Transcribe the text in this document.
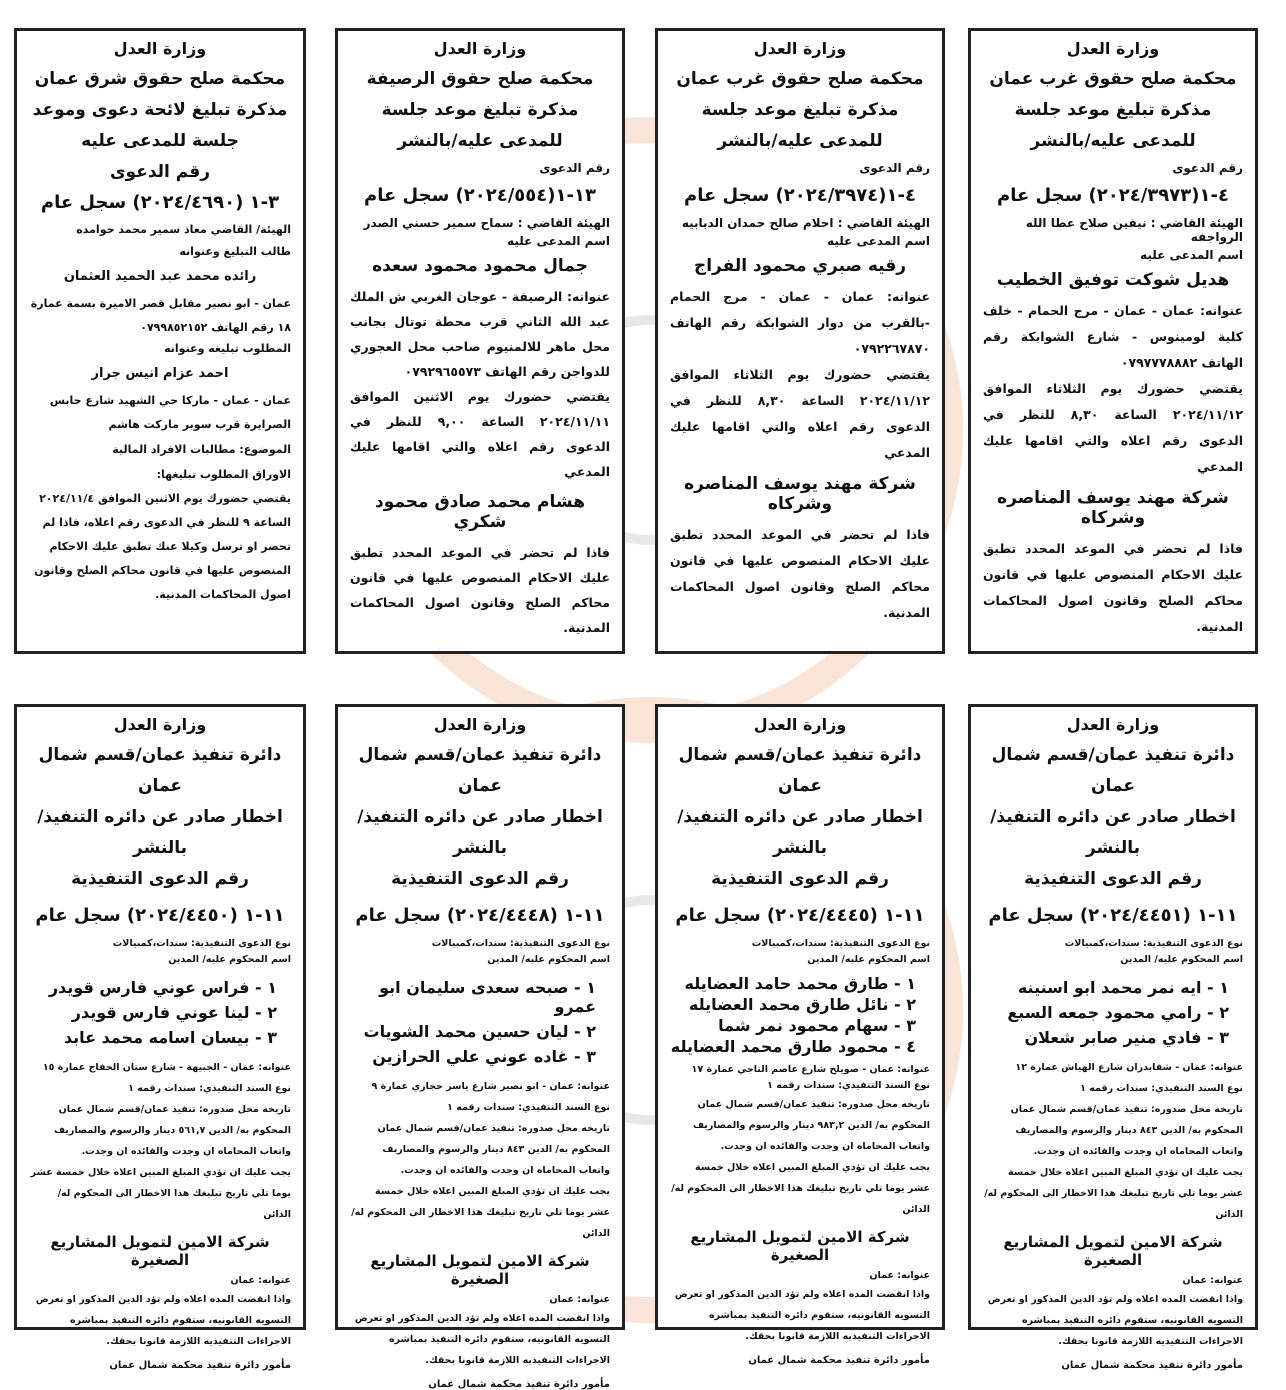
وزارة العدل

محكمة صلح حقوق غرب عمان

مذكرة تبليغ موعد جلسة للمدعى عليه/بالنشر

رقم الدعوى

٤-١(٢٠٢٤/٣٩٧٣) سجل عام

الهيئة القاضي : نيفين صلاح عطا الله الرواجفه

اسم المدعى عليه

هديل شوكت توفيق الخطيب

عنوانه: عمان - عمان - مرج الحمام - خلف كلية لومينوس - شارع الشوابكة رقم الهاتف ٠٧٩٧٧٧٨٨٨٢

يقتضي حضورك يوم الثلاثاء الموافق ٢٠٢٤/١١/١٢ الساعة ٨,٣٠ للنظر في الدعوى رقم اعلاه والتي اقامها عليك المدعي

شركة مهند يوسف المناصره وشركاه

فاذا لم تحضر في الموعد المحدد تطبق عليك الاحكام المنصوص عليها في قانون محاكم الصلح وقانون اصول المحاكمات المدنية.

وزارة العدل

محكمة صلح حقوق غرب عمان

مذكرة تبليغ موعد جلسة للمدعى عليه/بالنشر

رقم الدعوى

٤-١(٢٠٢٤/٣٩٧٤) سجل عام

الهيئة القاضي : احلام صالح حمدان الدبابيه

اسم المدعى عليه

رقيه صبري محمود الفراج

عنوانه: عمان - عمان - مرج الحمام -بالقرب من دوار الشوابكة رقم الهاتف ٠٧٩٢٢٦٧٨٧٠

يقتضي حضورك يوم الثلاثاء الموافق ٢٠٢٤/١١/١٢ الساعة ٨,٣٠ للنظر في الدعوى رقم اعلاه والتي اقامها عليك المدعي

شركة مهند يوسف المناصره وشركاه

فاذا لم تحضر في الموعد المحدد تطبق عليك الاحكام المنصوص عليها في قانون محاكم الصلح وقانون اصول المحاكمات المدنية.

وزارة العدل

محكمة صلح حقوق الرصيفة

مذكرة تبليغ موعد جلسة للمدعى عليه/بالنشر

رقم الدعوى

١٣-١(٢٠٢٤/٥٥٤) سجل عام

الهيئة القاضي : سماح سمير حسني الصدر

اسم المدعى عليه

جمال محمود محمود سعده

عنوانه: الرصيفة - عوجان الغربي ش الملك عبد الله الثاني قرب محطة توتال بجانب محل ماهر للالمنيوم صاحب محل العجوري للدواجن رقم الهاتف ٠٧٩٢٩٦٥٥٧٣

يقتضي حضورك يوم الاثنين الموافق ٢٠٢٤/١١/١١ الساعة ٩,٠٠ للنظر في الدعوى رقم اعلاه والتي اقامها عليك المدعي

هشام محمد صادق محمود شكري

فاذا لم تحضر في الموعد المحدد تطبق عليك الاحكام المنصوص عليها في قانون محاكم الصلح وقانون اصول المحاكمات المدنية.

وزارة العدل

محكمة صلح حقوق شرق عمان

مذكرة تبليغ لائحة دعوى وموعد جلسة للمدعى عليه

رقم الدعوى

٣-١ (٢٠٢٤/٤٦٩٠) سجل عام

الهيئة/ القاضي معاذ سمير محمد حوامده

طالب التبليغ وعنوانه

رائده محمد عبد الحميد العثمان

عمان - ابو نصير مقابل قصر الاميرة بسمة عمارة ١٨ رقم الهاتف ٠٧٩٩٨٥٢١٥٢

المطلوب تبليغه وعنوانه

احمد عزام انيس جرار

عمان - عمان - ماركا حي الشهيد شارع حابس الصرايرة قرب سوبر ماركت هاشم

الموضوع: مطالبات الافراد المالية

الاوراق المطلوب تبليغها:

يقتضي حضورك يوم الاثنين الموافق ٢٠٢٤/١١/٤ الساعة ٩ للنظر في الدعوى رقم اعلاه، فاذا لم تحضر او ترسل وكيلا عنك تطبق عليك الاحكام المنصوص عليها في قانون محاكم الصلح وقانون اصول المحاكمات المدنية.

وزارة العدل

دائرة تنفيذ عمان/قسم شمال عمان

اخطار صادر عن دائره التنفيذ/ بالنشر

رقم الدعوى التنفيذية

١١-١ (٢٠٢٤/٤٤٥١) سجل عام

نوع الدعوى التنفيذية: سندات،كمبيالات

اسم المحكوم عليه/ المدين

١ - ايه نمر محمد ابو اسنينه

٢ - رامي محمود جمعه السبع

٣ - فادي منير صابر شعلان

عنوانه: عمان - شفابدران شارع الهياش عمارة ١٢

نوع السند التنفيذي: سندات رقمه ١

تاريخه محل صدوره: تنفيذ عمان/قسم شمال عمان

المحكوم به/ الدين ٨٤٣ دينار والرسوم والمصاريف واتعاب المحاماه ان وجدت والفائده ان وجدت.

يجب عليك ان تؤدي المبلغ المبين اعلاه خلال خمسة عشر يوما تلي تاريخ تبليغك هذا الاخطار الى المحكوم له/ الدائن

شركة الامين لتمويل المشاريع الصغيرة

عنوانه: عمان

واذا انقضت المده اعلاه ولم تؤد الدين المذكور او تعرض التسويه القانونيه، ستقوم دائره التنفيذ بمباشره الاجراءات التنفيذيه اللازمة قانونا بحقك.

مأمور دائرة تنفيذ محكمة شمال عمان

وزارة العدل

دائرة تنفيذ عمان/قسم شمال عمان

اخطار صادر عن دائره التنفيذ/ بالنشر

رقم الدعوى التنفيذية

١١-١ (٢٠٢٤/٤٤٤٥) سجل عام

نوع الدعوى التنفيذية: سندات،كمبيالات

اسم المحكوم عليه/ المدين

١ - طارق محمد حامد العضايله

٢ - نائل طارق محمد العضايله

٣ - سهام محمود نمر شما

٤ - محمود طارق محمد العضايله

عنوانه: عمان - صويلح شارع عاصم التاجي عمارة ١٧

نوع السند التنفيذي: سندات رقمه ١

تاريخه محل صدوره: تنفيذ عمان/قسم شمال عمان

المحكوم به/ الدين ٩٨٣,٢ دينار والرسوم والمصاريف واتعاب المحاماه ان وجدت والفائده ان وجدت.

يجب عليك ان تؤدي المبلغ المبين اعلاه خلال خمسة عشر يوما تلي تاريخ تبليغك هذا الاخطار الى المحكوم له/ الدائن

شركة الامين لتمويل المشاريع الصغيرة

عنوانه: عمان

واذا انقضت المده اعلاه ولم تؤد الدين المذكور او تعرض التسويه القانونيه، ستقوم دائره التنفيذ بمباشره الاجراءات التنفيذيه اللازمة قانونا بحقك.

مأمور دائرة تنفيذ محكمة شمال عمان

وزارة العدل

دائرة تنفيذ عمان/قسم شمال عمان

اخطار صادر عن دائره التنفيذ/ بالنشر

رقم الدعوى التنفيذية

١١-١ (٢٠٢٤/٤٤٤٨) سجل عام

نوع الدعوى التنفيذية: سندات،كمبيالات

اسم المحكوم عليه/ المدين

١ - صبحه سعدى سليمان ابو عمرو

٢ - ليان حسين محمد الشويات

٣ - غاده عوني علي الحرازين

عنوانه: عمان - ابو نصير شارع ياسر حجازي عمارة ٩

نوع السند التنفيذي: سندات رقمه ١

تاريخه محل صدوره: تنفيذ عمان/قسم شمال عمان

المحكوم به/ الدين ٨٤٣ دينار والرسوم والمصاريف واتعاب المحاماه ان وجدت والفائده ان وجدت.

يجب عليك ان تؤدي المبلغ المبين اعلاه خلال خمسة عشر يوما تلي تاريخ تبليغك هذا الاخطار الى المحكوم له/ الدائن

شركة الامين لتمويل المشاريع الصغيرة

عنوانه: عمان

واذا انقضت المده اعلاه ولم تؤد الدين المذكور او تعرض التسويه القانونيه، ستقوم دائره التنفيذ بمباشره الاجراءات التنفيذيه اللازمة قانونا بحقك.

مأمور دائرة تنفيذ محكمة شمال عمان

وزارة العدل

دائرة تنفيذ عمان/قسم شمال عمان

اخطار صادر عن دائره التنفيذ/ بالنشر

رقم الدعوى التنفيذية

١١-١ (٢٠٢٤/٤٤٥٠) سجل عام

نوع الدعوى التنفيذية: سندات،كمبيالات

اسم المحكوم عليه/ المدين

١ - فراس عوني فارس قويدر

٢ - لينا عوني فارس قويدر

٣ - بيسان اسامه محمد عابد

عنوانه: عمان - الجبيهة - شارع سنان الخفاج عمارة ١٥

نوع السند التنفيذي: سندات رقمه ١

تاريخه محل صدوره: تنفيذ عمان/قسم شمال عمان

المحكوم به/ الدين ٥٦١,٧ دينار والرسوم والمصاريف واتعاب المحاماه ان وجدت والفائده ان وجدت.

يجب عليك ان تؤدي المبلغ المبين اعلاه خلال خمسة عشر يوما تلي تاريخ تبليغك هذا الاخطار الى المحكوم له/ الدائن

شركة الامين لتمويل المشاريع الصغيرة

عنوانه: عمان

واذا انقضت المده اعلاه ولم تؤد الدين المذكور او تعرض التسويه القانونيه، ستقوم دائره التنفيذ بمباشره الاجراءات التنفيذيه اللازمة قانونا بحقك.

مأمور دائرة تنفيذ محكمة شمال عمان
